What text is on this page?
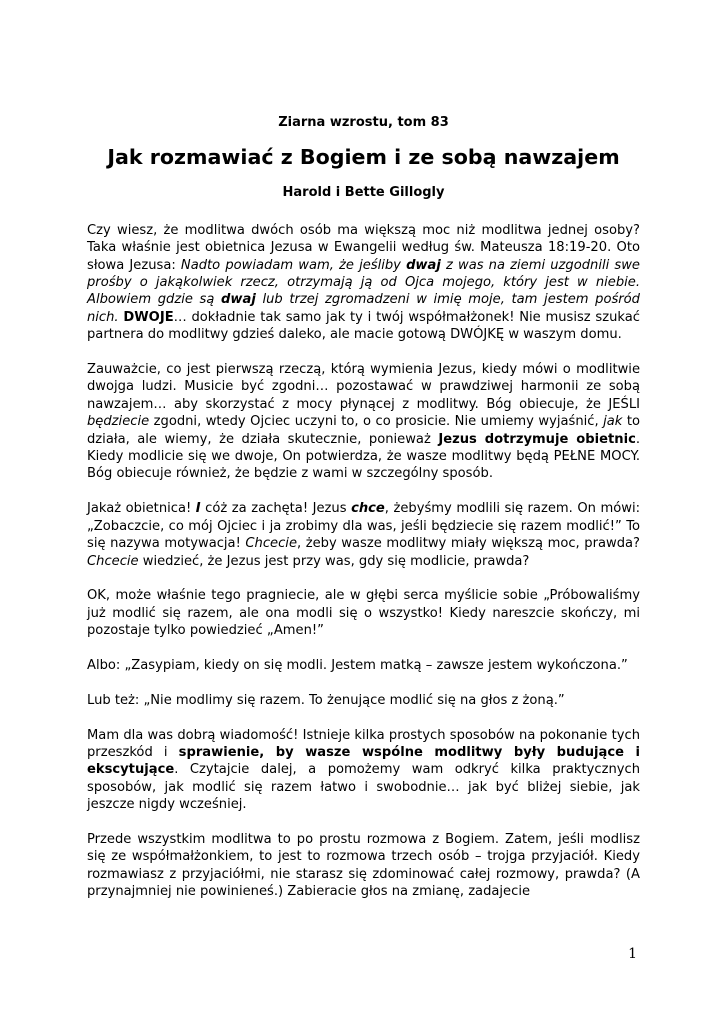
Ziarna wzrostu, tom 83
Jak rozmawiać z Bogiem i ze sobą nawzajem
Harold i Bette Gillogly

Czy wiesz, że modlitwa dwóch osób ma większą moc niż modlitwa jednej osoby? Taka właśnie jest obietnica Jezusa w Ewangelii według św. Mateusza 18:19-20. Oto słowa Jezusa: Nadto powiadam wam, że jeśliby dwaj z was na ziemi uzgodnili swe prośby o jakąkolwiek rzecz, otrzymają ją od Ojca mojego, który jest w niebie. Albowiem gdzie są dwaj lub trzej zgromadzeni w imię moje, tam jestem pośród nich. DWOJE… dokładnie tak samo jak ty i twój współmałżonek! Nie musisz szukać partnera do modlitwy gdzieś daleko, ale macie gotową DWÓJKĘ w waszym domu.

Zauważcie, co jest pierwszą rzeczą, którą wymienia Jezus, kiedy mówi o modlitwie dwojga ludzi. Musicie być zgodni… pozostawać w prawdziwej harmonii ze sobą nawzajem… aby skorzystać z mocy płynącej z modlitwy. Bóg obiecuje, że JEŚLI będziecie zgodni, wtedy Ojciec uczyni to, o co prosicie. Nie umiemy wyjaśnić, jak to działa, ale wiemy, że działa skutecznie, ponieważ Jezus dotrzymuje obietnic. Kiedy modlicie się we dwoje, On potwierdza, że wasze modlitwy będą PEŁNE MOCY. Bóg obiecuje również, że będzie z wami w szczególny sposób.

Jakaż obietnica! I cóż za zachęta! Jezus chce, żebyśmy modlili się razem. On mówi: „Zobaczcie, co mój Ojciec i ja zrobimy dla was, jeśli będziecie się razem modlić!” To się nazywa motywacja! Chcecie, żeby wasze modlitwy miały większą moc, prawda? Chcecie wiedzieć, że Jezus jest przy was, gdy się modlicie, prawda?

OK, może właśnie tego pragniecie, ale w głębi serca myślicie sobie „Próbowaliśmy już modlić się razem, ale ona modli się o wszystko! Kiedy nareszcie skończy, mi pozostaje tylko powiedzieć „Amen!”

Albo: „Zasypiam, kiedy on się modli. Jestem matką – zawsze jestem wykończona.”

Lub też: „Nie modlimy się razem. To żenujące modlić się na głos z żoną.”

Mam dla was dobrą wiadomość! Istnieje kilka prostych sposobów na pokonanie tych przeszkód i sprawienie, by wasze wspólne modlitwy były budujące i ekscytujące. Czytajcie dalej, a pomożemy wam odkryć kilka praktycznych sposobów, jak modlić się razem łatwo i swobodnie… jak być bliżej siebie, jak jeszcze nigdy wcześniej.

Przede wszystkim modlitwa to po prostu rozmowa z Bogiem. Zatem, jeśli modlisz się ze współmałżonkiem, to jest to rozmowa trzech osób – trojga przyjaciół. Kiedy rozmawiasz z przyjaciółmi, nie starasz się zdominować całej rozmowy, prawda? (A przynajmniej nie powinieneś.) Zabieracie głos na zmianę, zadajecie

1
